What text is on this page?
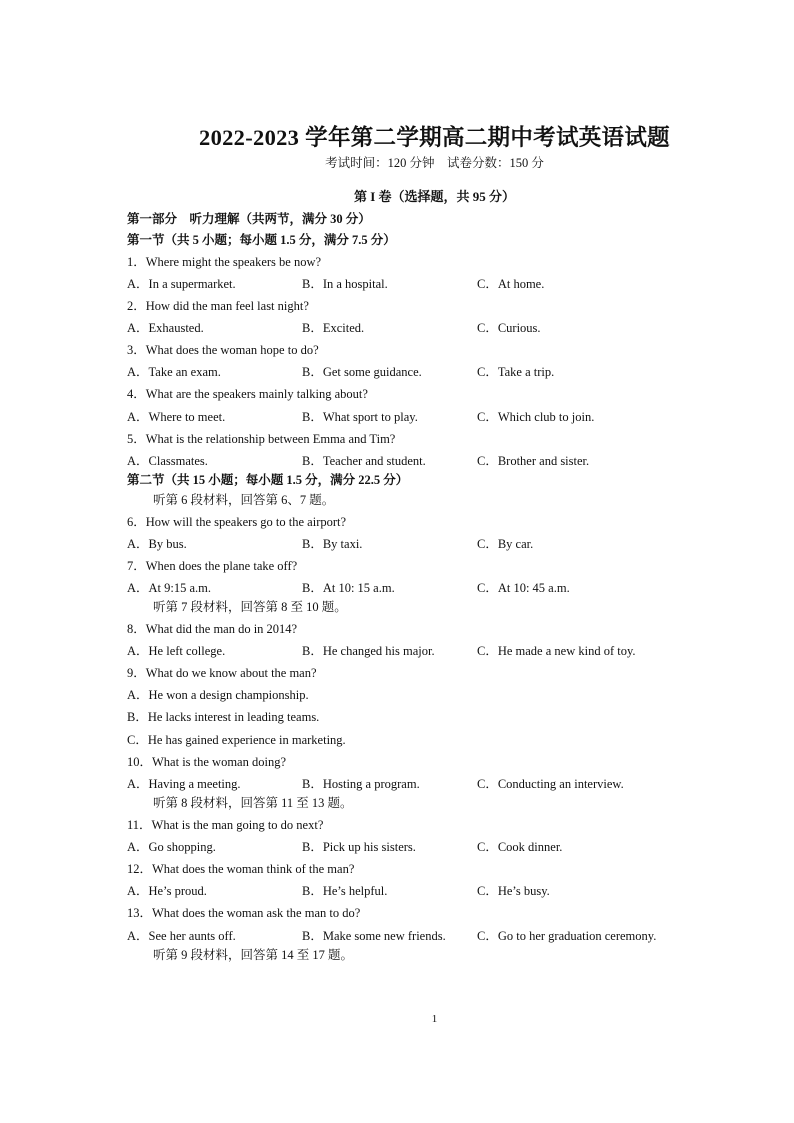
2022-2023 学年第二学期高二期中考试英语试题
考试时间：120 分钟　试卷分数：150 分
第 I 卷（选择题，共 95 分）
第一部分　听力理解（共两节，满分 30 分）
第一节（共 5 小题；每小题 1.5 分，满分 7.5 分）
1．Where might the speakers be now?
A．In a supermarket.	B．In a hospital.	C．At home.
2．How did the man feel last night?
A．Exhausted.	B．Excited.	C．Curious.
3．What does the woman hope to do?
A．Take an exam.	B．Get some guidance.	C．Take a trip.
4．What are the speakers mainly talking about?
A．Where to meet.	B．What sport to play.	C．Which club to join.
5．What is the relationship between Emma and Tim?
A．Classmates.	B．Teacher and student.	C．Brother and sister.
第二节（共 15 小题；每小题 1.5 分，满分 22.5 分）
听第 6 段材料，回答第 6、7 题。
6．How will the speakers go to the airport?
A．By bus.	B．By taxi.	C．By car.
7．When does the plane take off?
A．At 9:15 a.m.	B．At 10: 15 a.m.	C．At 10: 45 a.m.
听第 7 段材料，回答第 8 至 10 题。
8．What did the man do in 2014?
A．He left college.	B．He changed his major.	C．He made a new kind of toy.
9．What do we know about the man?
A．He won a design championship.
B．He lacks interest in leading teams.
C．He has gained experience in marketing.
10．What is the woman doing?
A．Having a meeting.	B．Hosting a program.	C．Conducting an interview.
听第 8 段材料，回答第 11 至 13 题。
11．What is the man going to do next?
A．Go shopping.	B．Pick up his sisters.	C．Cook dinner.
12．What does the woman think of the man?
A．He’s proud.	B．He’s helpful.	C．He’s busy.
13．What does the woman ask the man to do?
A．See her aunts off.	B．Make some new friends.	C．Go to her graduation ceremony.
听第 9 段材料，回答第 14 至 17 题。
1
